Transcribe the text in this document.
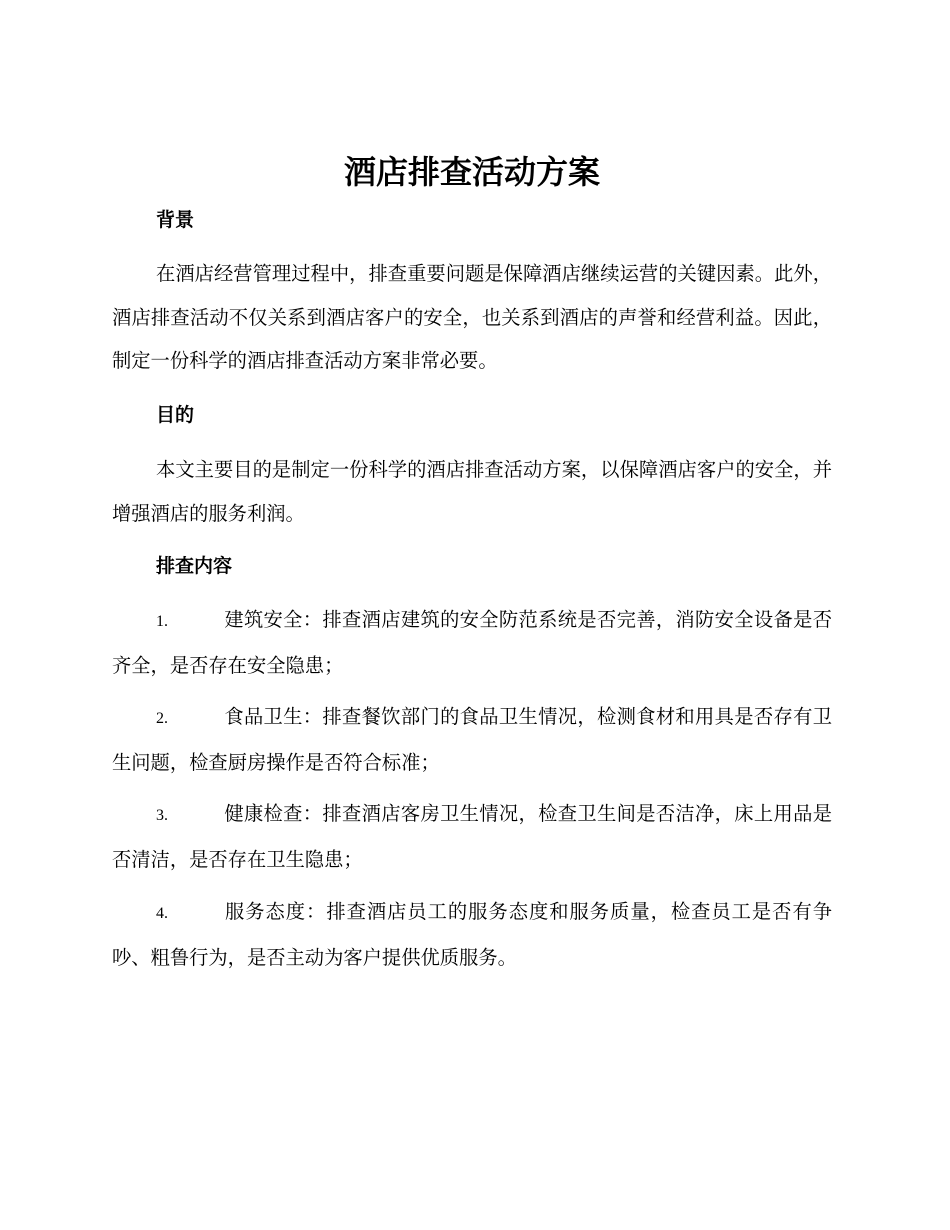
酒店排查活动方案
背景

在酒店经营管理过程中，排查重要问题是保障酒店继续运营的关键因素。此外，酒店排查活动不仅关系到酒店客户的安全，也关系到酒店的声誉和经营利益。因此，制定一份科学的酒店排查活动方案非常必要。

目的

本文主要目的是制定一份科学的酒店排查活动方案，以保障酒店客户的安全，并增强酒店的服务利润。

排查内容

1.	建筑安全：排查酒店建筑的安全防范系统是否完善，消防安全设备是否齐全，是否存在安全隐患；

2.	食品卫生：排查餐饮部门的食品卫生情况，检测食材和用具是否存有卫生问题，检查厨房操作是否符合标准；

3.	健康检查：排查酒店客房卫生情况，检查卫生间是否洁净，床上用品是否清洁，是否存在卫生隐患；

4.	服务态度：排查酒店员工的服务态度和服务质量，检查员工是否有争吵、粗鲁行为，是否主动为客户提供优质服务。
